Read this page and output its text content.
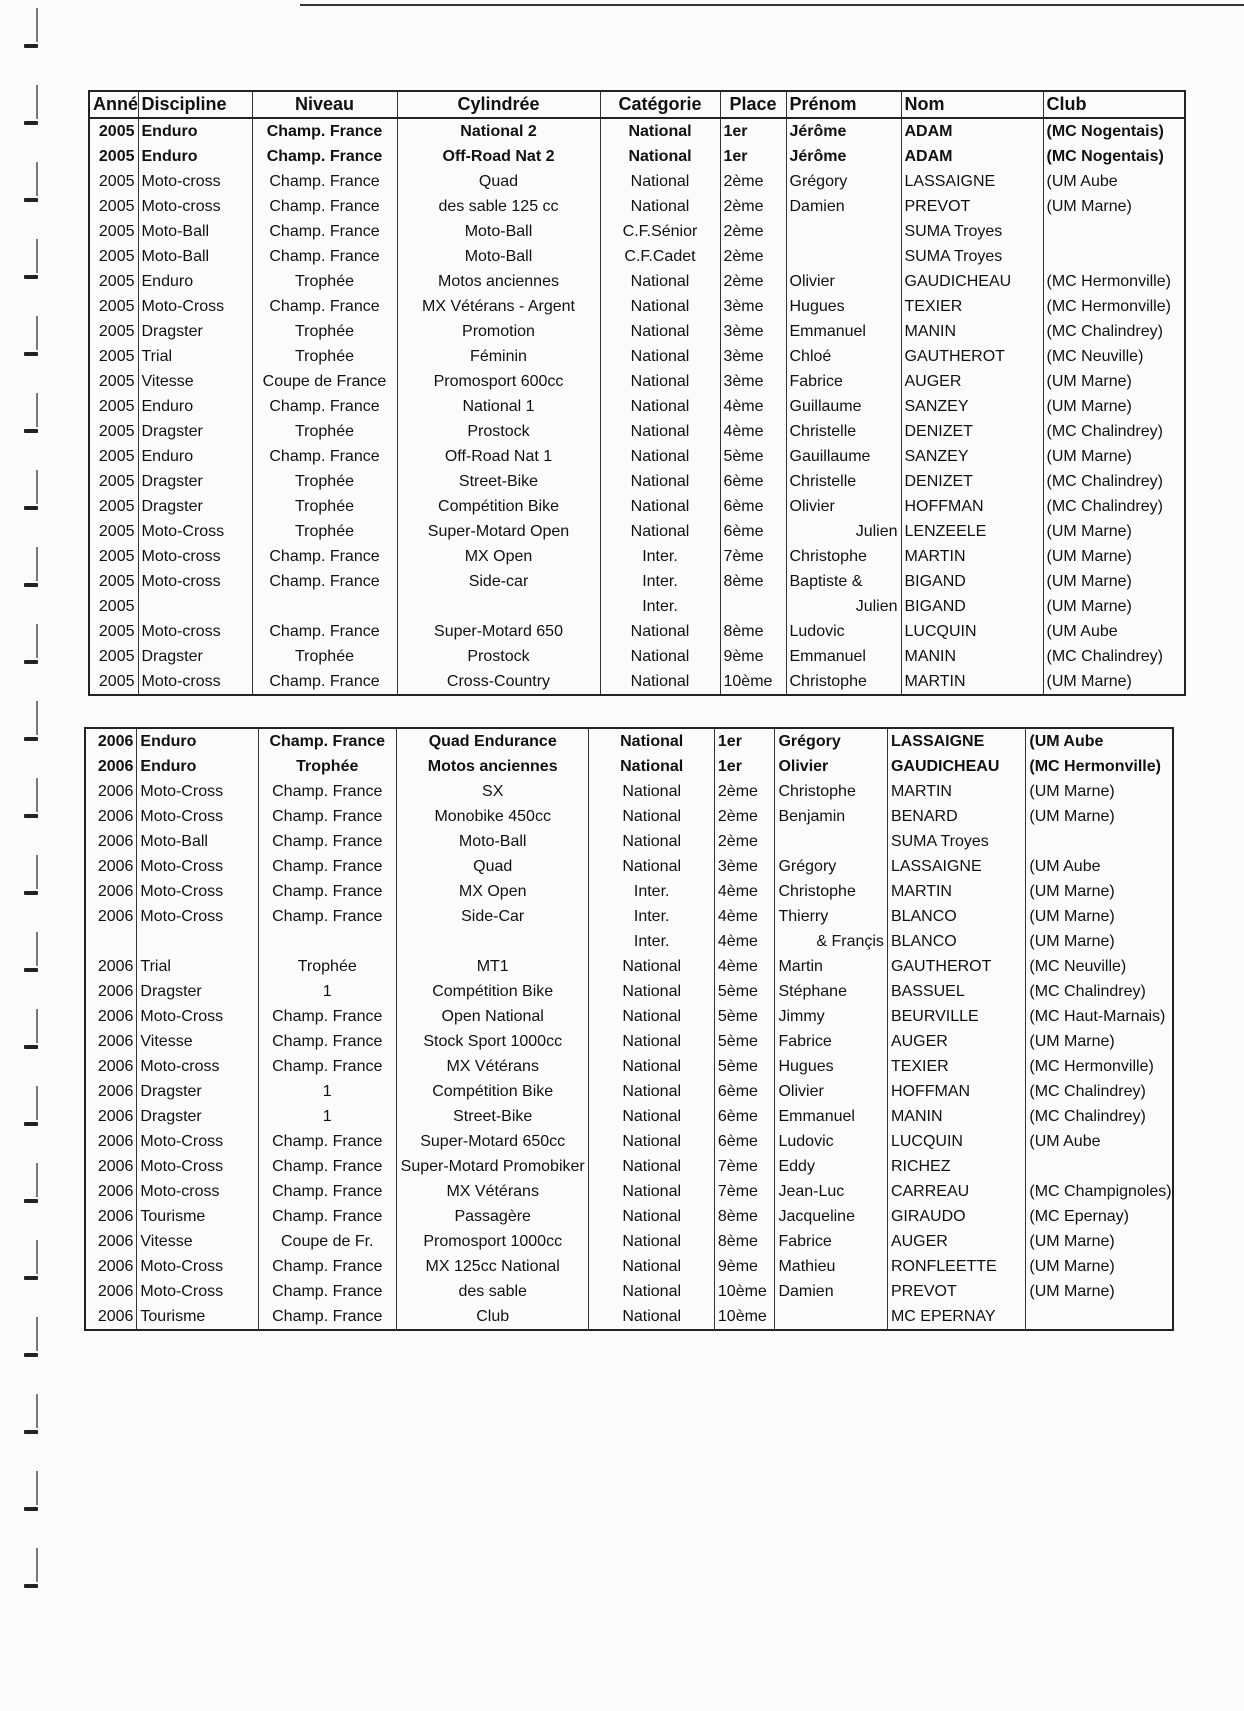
Anné	Discipline	Niveau	Cylindrée	Catégorie	Place	Prénom	Nom	Club
2005	Enduro	Champ. France	National 2	National	1er	Jérôme	ADAM	(MC Nogentais)
2005	Enduro	Champ. France	Off-Road Nat 2	National	1er	Jérôme	ADAM	(MC Nogentais)
2005	Moto-cross	Champ. France	Quad	National	2ème	Grégory	LASSAIGNE	(UM Aube
2005	Moto-cross	Champ. France	des sable 125 cc	National	2ème	Damien	PREVOT	(UM Marne)
2005	Moto-Ball	Champ. France	Moto-Ball	C.F.Sénior	2ème		SUMA Troyes	
2005	Moto-Ball	Champ. France	Moto-Ball	C.F.Cadet	2ème		SUMA Troyes	
2005	Enduro	Trophée	Motos anciennes	National	2ème	Olivier	GAUDICHEAU	(MC Hermonville)
2005	Moto-Cross	Champ. France	MX Vétérans - Argent	National	3ème	Hugues	TEXIER	(MC Hermonville)
2005	Dragster	Trophée	Promotion	National	3ème	Emmanuel	MANIN	(MC Chalindrey)
2005	Trial	Trophée	Féminin	National	3ème	Chloé	GAUTHEROT	(MC Neuville)
2005	Vitesse	Coupe de France	Promosport 600cc	National	3ème	Fabrice	AUGER	(UM Marne)
2005	Enduro	Champ. France	National 1	National	4ème	Guillaume	SANZEY	(UM Marne)
2005	Dragster	Trophée	Prostock	National	4ème	Christelle	DENIZET	(MC Chalindrey)
2005	Enduro	Champ. France	Off-Road Nat 1	National	5ème	Gauillaume	SANZEY	(UM Marne)
2005	Dragster	Trophée	Street-Bike	National	6ème	Christelle	DENIZET	(MC Chalindrey)
2005	Dragster	Trophée	Compétition Bike	National	6ème	Olivier	HOFFMAN	(MC Chalindrey)
2005	Moto-Cross	Trophée	Super-Motard Open	National	6ème	Julien	LENZEELE	(UM Marne)
2005	Moto-cross	Champ. France	MX Open	Inter.	7ème	Christophe	MARTIN	(UM Marne)
2005	Moto-cross	Champ. France	Side-car	Inter.	8ème	Baptiste &	BIGAND	(UM Marne)
2005				Inter.		Julien	BIGAND	(UM Marne)
2005	Moto-cross	Champ. France	Super-Motard 650	National	8ème	Ludovic	LUCQUIN	(UM Aube
2005	Dragster	Trophée	Prostock	National	9ème	Emmanuel	MANIN	(MC Chalindrey)
2005	Moto-cross	Champ. France	Cross-Country	National	10ème	Christophe	MARTIN	(UM Marne)
2006	Enduro	Champ. France	Quad Endurance	National	1er	Grégory	LASSAIGNE	(UM Aube
2006	Enduro	Trophée	Motos anciennes	National	1er	Olivier	GAUDICHEAU	(MC Hermonville)
2006	Moto-Cross	Champ. France	SX	National	2ème	Christophe	MARTIN	(UM Marne)
2006	Moto-Cross	Champ. France	Monobike 450cc	National	2ème	Benjamin	BENARD	(UM Marne)
2006	Moto-Ball	Champ. France	Moto-Ball	National	2ème		SUMA Troyes	
2006	Moto-Cross	Champ. France	Quad	National	3ème	Grégory	LASSAIGNE	(UM Aube
2006	Moto-Cross	Champ. France	MX Open	Inter.	4ème	Christophe	MARTIN	(UM Marne)
2006	Moto-Cross	Champ. France	Side-Car	Inter.	4ème	Thierry	BLANCO	(UM Marne)
				Inter.	4ème	& Françis	BLANCO	(UM Marne)
2006	Trial	Trophée	MT1	National	4ème	Martin	GAUTHEROT	(MC Neuville)
2006	Dragster	1	Compétition Bike	National	5ème	Stéphane	BASSUEL	(MC Chalindrey)
2006	Moto-Cross	Champ. France	Open National	National	5ème	Jimmy	BEURVILLE	(MC Haut-Marnais)
2006	Vitesse	Champ. France	Stock Sport 1000cc	National	5ème	Fabrice	AUGER	(UM Marne)
2006	Moto-cross	Champ. France	MX Vétérans	National	5ème	Hugues	TEXIER	(MC Hermonville)
2006	Dragster	1	Compétition Bike	National	6ème	Olivier	HOFFMAN	(MC Chalindrey)
2006	Dragster	1	Street-Bike	National	6ème	Emmanuel	MANIN	(MC Chalindrey)
2006	Moto-Cross	Champ. France	Super-Motard 650cc	National	6ème	Ludovic	LUCQUIN	(UM Aube
2006	Moto-Cross	Champ. France	Super-Motard Promobiker	National	7ème	Eddy	RICHEZ	
2006	Moto-cross	Champ. France	MX Vétérans	National	7ème	Jean-Luc	CARREAU	(MC Champignoles)
2006	Tourisme	Champ. France	Passagère	National	8ème	Jacqueline	GIRAUDO	(MC Epernay)
2006	Vitesse	Coupe de Fr.	Promosport 1000cc	National	8ème	Fabrice	AUGER	(UM Marne)
2006	Moto-Cross	Champ. France	MX 125cc National	National	9ème	Mathieu	RONFLEETTE	(UM Marne)
2006	Moto-Cross	Champ. France	des sable	National	10ème	Damien	PREVOT	(UM Marne)
2006	Tourisme	Champ. France	Club	National	10ème		MC EPERNAY	
